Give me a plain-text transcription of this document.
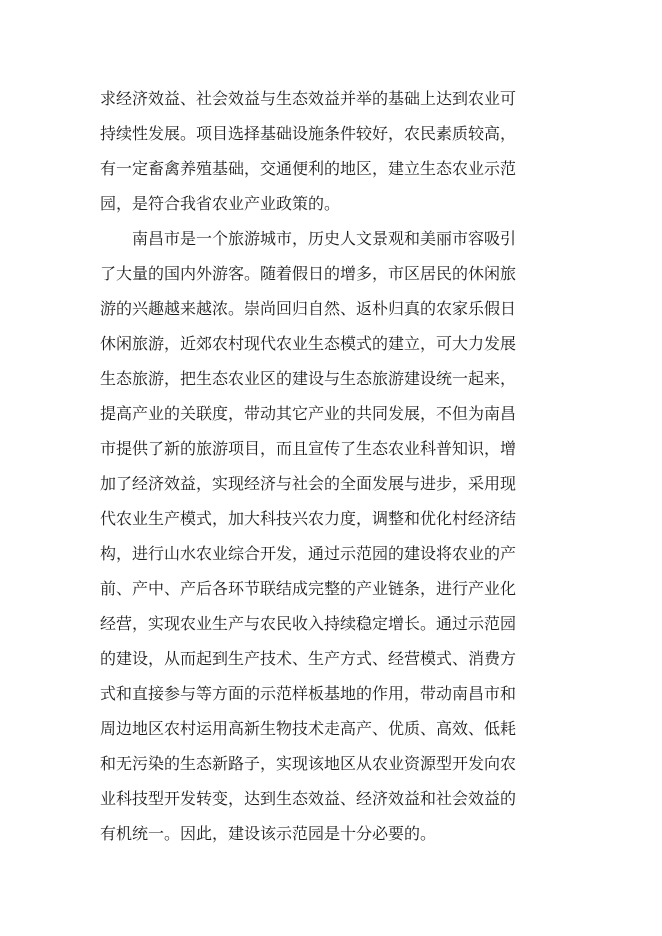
求经济效益、社会效益与生态效益并举的基础上达到农业可
持续性发展。项目选择基础设施条件较好，农民素质较高，
有一定畜禽养殖基础，交通便利的地区，建立生态农业示范
园，是符合我省农业产业政策的。
南昌市是一个旅游城市，历史人文景观和美丽市容吸引
了大量的国内外游客。随着假日的增多，市区居民的休闲旅
游的兴趣越来越浓。崇尚回归自然、返朴归真的农家乐假日
休闲旅游，近郊农村现代农业生态模式的建立，可大力发展
生态旅游，把生态农业区的建设与生态旅游建设统一起来，
提高产业的关联度，带动其它产业的共同发展，不但为南昌
市提供了新的旅游项目，而且宣传了生态农业科普知识，增
加了经济效益，实现经济与社会的全面发展与进步，采用现
代农业生产模式，加大科技兴农力度，调整和优化村经济结
构，进行山水农业综合开发，通过示范园的建设将农业的产
前、产中、产后各环节联结成完整的产业链条，进行产业化
经营，实现农业生产与农民收入持续稳定增长。通过示范园
的建设，从而起到生产技术、生产方式、经营模式、消费方
式和直接参与等方面的示范样板基地的作用，带动南昌市和
周边地区农村运用高新生物技术走高产、优质、高效、低耗
和无污染的生态新路子，实现该地区从农业资源型开发向农
业科技型开发转变，达到生态效益、经济效益和社会效益的
有机统一。因此，建设该示范园是十分必要的。
